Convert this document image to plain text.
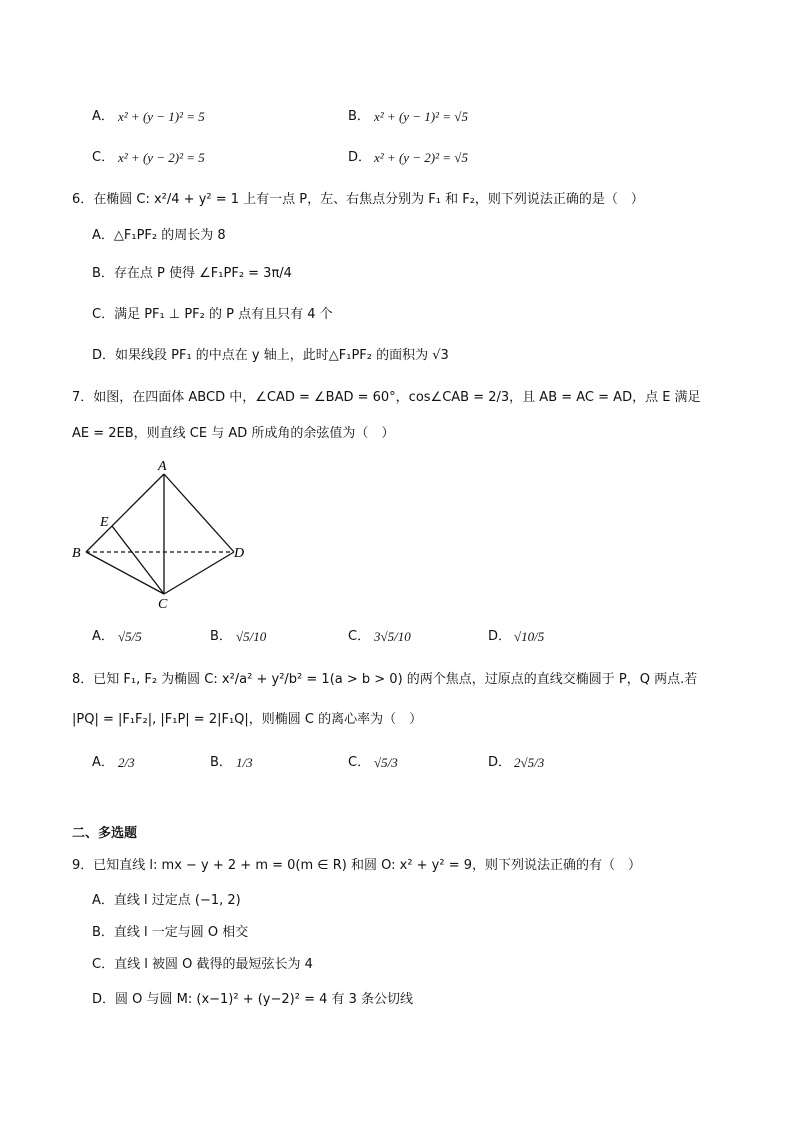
A． x² + (y − 1)² = 5	B． x² + (y − 1)² = √5
C． x² + (y − 2)² = 5	D． x² + (y − 2)² = √5
6．在椭圆 C: x²/4 + y² = 1 上有一点 P，左、右焦点分别为 F₁ 和 F₂，则下列说法正确的是（　）
A．△F₁PF₂ 的周长为 8
B．存在点 P 使得 ∠F₁PF₂ = 3π/4
C．满足 PF₁ ⊥ PF₂ 的 P 点有且只有 4 个
D．如果线段 PF₁ 的中点在 y 轴上，此时△F₁PF₂ 的面积为 √3
7．如图，在四面体 ABCD 中，∠CAD = ∠BAD = 60°，cos∠CAB = 2/3，且 AB = AC = AD，点 E 满足
AE = 2EB，则直线 CE 与 AD 所成角的余弦值为（　）
A
B
C
D
E
A． √5/5	B． √5/10	C． 3√5/10	D． √10/5
8．已知 F₁, F₂ 为椭圆 C: x²/a² + y²/b² = 1(a > b > 0) 的两个焦点，过原点的直线交椭圆于 P，Q 两点.若
|PQ| = |F₁F₂|, |F₁P| = 2|F₁Q|，则椭圆 C 的离心率为（　）
A． 2/3	B． 1/3	C． √5/3	D． 2√5/3
二、多选题
9．已知直线 l: mx − y + 2 + m = 0(m ∈ R) 和圆 O: x² + y² = 9，则下列说法正确的有（　）
A．直线 l 过定点 (−1, 2)
B．直线 l 一定与圆 O 相交
C．直线 l 被圆 O 截得的最短弦长为 4
D．圆 O 与圆 M: (x−1)² + (y−2)² = 4 有 3 条公切线
